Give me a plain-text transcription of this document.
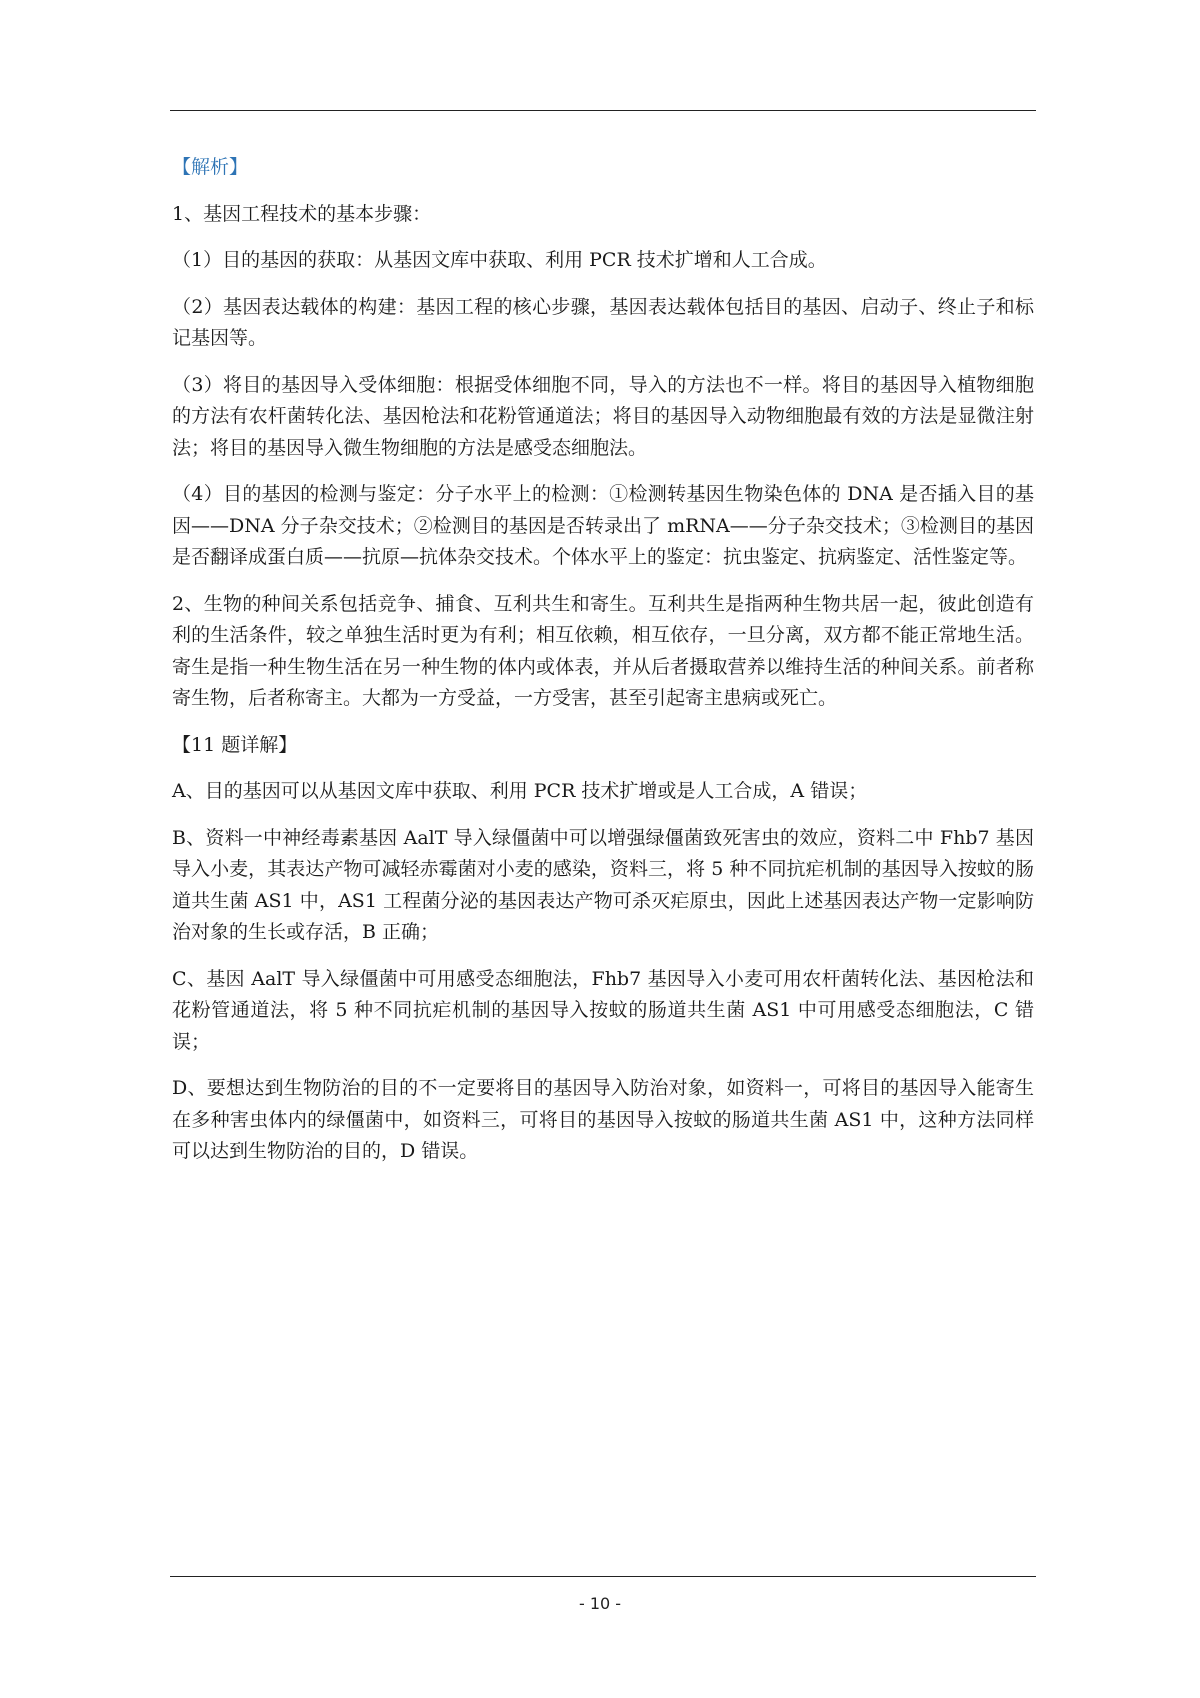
【解析】

1、基因工程技术的基本步骤：

（1）目的基因的获取：从基因文库中获取、利用 PCR 技术扩增和人工合成。

（2）基因表达载体的构建：基因工程的核心步骤，基因表达载体包括目的基因、启动子、终止子和标记基因等。

（3）将目的基因导入受体细胞：根据受体细胞不同，导入的方法也不一样。将目的基因导入植物细胞的方法有农杆菌转化法、基因枪法和花粉管通道法；将目的基因导入动物细胞最有效的方法是显微注射法；将目的基因导入微生物细胞的方法是感受态细胞法。

（4）目的基因的检测与鉴定：分子水平上的检测：①检测转基因生物染色体的 DNA 是否插入目的基因——DNA 分子杂交技术；②检测目的基因是否转录出了 mRNA——分子杂交技术；③检测目的基因是否翻译成蛋白质——抗原—抗体杂交技术。个体水平上的鉴定：抗虫鉴定、抗病鉴定、活性鉴定等。

2、生物的种间关系包括竞争、捕食、互利共生和寄生。互利共生是指两种生物共居一起，彼此创造有利的生活条件，较之单独生活时更为有利；相互依赖，相互依存，一旦分离，双方都不能正常地生活。寄生是指一种生物生活在另一种生物的体内或体表，并从后者摄取营养以维持生活的种间关系。前者称寄生物，后者称寄主。大都为一方受益，一方受害，甚至引起寄主患病或死亡。

【11 题详解】

A、目的基因可以从基因文库中获取、利用 PCR 技术扩增或是人工合成，A 错误；

B、资料一中神经毒素基因 AalT 导入绿僵菌中可以增强绿僵菌致死害虫的效应，资料二中 Fhb7 基因导入小麦，其表达产物可减轻赤霉菌对小麦的感染，资料三，将 5 种不同抗疟机制的基因导入按蚊的肠道共生菌 AS1 中，AS1 工程菌分泌的基因表达产物可杀灭疟原虫，因此上述基因表达产物一定影响防治对象的生长或存活，B 正确；

C、基因 AalT 导入绿僵菌中可用感受态细胞法，Fhb7 基因导入小麦可用农杆菌转化法、基因枪法和花粉管通道法，将 5 种不同抗疟机制的基因导入按蚊的肠道共生菌 AS1 中可用感受态细胞法，C 错误；

D、要想达到生物防治的目的不一定要将目的基因导入防治对象，如资料一，可将目的基因导入能寄生在多种害虫体内的绿僵菌中，如资料三，可将目的基因导入按蚊的肠道共生菌 AS1 中，这种方法同样可以达到生物防治的目的，D 错误。

- 10 -
